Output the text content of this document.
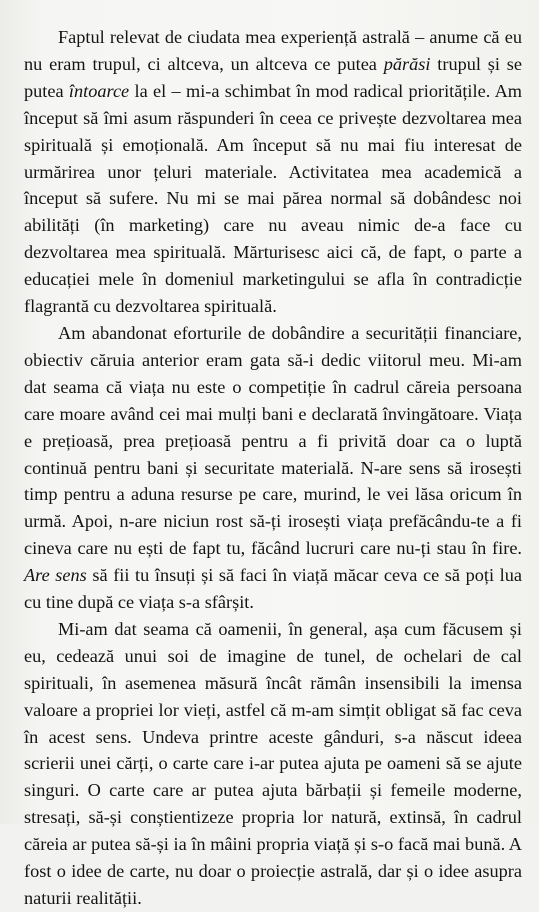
Faptul relevat de ciudata mea experiență astrală – anume că eu nu eram trupul, ci altceva, un altceva ce putea părăsi trupul și se putea întoarce la el – mi-a schimbat în mod radical prioritățile. Am început să îmi asum răspunderi în ceea ce privește dezvoltarea mea spirituală și emoțională. Am început să nu mai fiu interesat de urmărirea unor țeluri materiale. Activitatea mea academică a început să sufere. Nu mi se mai părea normal să dobândesc noi abilități (în marketing) care nu aveau nimic de-a face cu dezvoltarea mea spirituală. Mărturisesc aici că, de fapt, o parte a educației mele în domeniul marketingului se afla în contradicție flagrantă cu dezvoltarea spirituală.

Am abandonat eforturile de dobândire a securității financiare, obiectiv căruia anterior eram gata să-i dedic viitorul meu. Mi-am dat seama că viața nu este o competiție în cadrul căreia persoana care moare având cei mai mulți bani e declarată învingătoare. Viața e prețioasă, prea prețioasă pentru a fi privită doar ca o luptă continuă pentru bani și securitate materială. N-are sens să irosești timp pentru a aduna resurse pe care, murind, le vei lăsa oricum în urmă. Apoi, n-are niciun rost să-ți irosești viața prefăcându-te a fi cineva care nu ești de fapt tu, făcând lucruri care nu-ți stau în fire. Are sens să fii tu însuți și să faci în viață măcar ceva ce să poți lua cu tine după ce viața s-a sfârșit.

Mi-am dat seama că oamenii, în general, așa cum făcusem și eu, cedează unui soi de imagine de tunel, de ochelari de cal spirituali, în asemenea măsură încât rămân insensibili la imensa valoare a propriei lor vieți, astfel că m-am simțit obligat să fac ceva în acest sens. Undeva printre aceste gânduri, s-a născut ideea scrierii unei cărți, o carte care i-ar putea ajuta pe oameni să se ajute singuri. O carte care ar putea ajuta bărbații și femeile moderne, stresați, să-și conștientizeze propria lor natură, extinsă, în cadrul căreia ar putea să-și ia în mâini propria viață și s-o facă mai bună. A fost o idee de carte, nu doar o proiecție astrală, dar și o idee asupra naturii realității.
